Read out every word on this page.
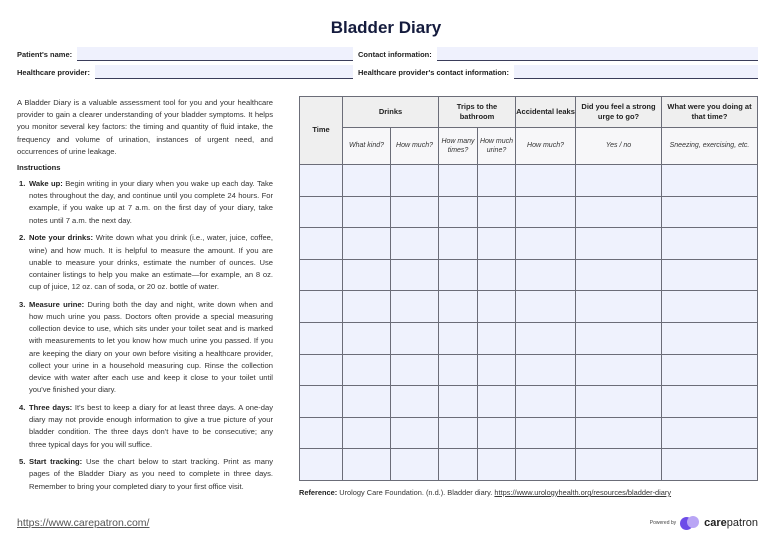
Bladder Diary
Patient's name:	Contact information:
Healthcare provider:	Healthcare provider's contact information:

A Bladder Diary is a valuable assessment tool for you and your healthcare provider to gain a clearer understanding of your bladder symptoms. It helps you monitor several key factors: the timing and quantity of fluid intake, the frequency and volume of urination, instances of urgent need, and occurrences of urine leakage.

Instructions
1. Wake up: Begin writing in your diary when you wake up each day. Take notes throughout the day, and continue until you complete 24 hours. For example, if you wake up at 7 a.m. on the first day of your diary, take notes until 7 a.m. the next day.
2. Note your drinks: Write down what you drink (i.e., water, juice, coffee, wine) and how much. It is helpful to measure the amount. If you are unable to measure your drinks, estimate the number of ounces. Use container listings to help you make an estimate—for example, an 8 oz. cup of juice, 12 oz. can of soda, or 20 oz. bottle of water.
3. Measure urine: During both the day and night, write down when and how much urine you pass. Doctors often provide a special measuring collection device to use, which sits under your toilet seat and is marked with measurements to let you know how much urine you passed. If you are keeping the diary on your own before visiting a healthcare provider, collect your urine in a household measuring cup. Rinse the collection device with water after each use and keep it close to your toilet until you've finished your diary.
4. Three days: It's best to keep a diary for at least three days. A one-day diary may not provide enough information to give a true picture of your bladder condition. The three days don't have to be consecutive; any three typical days for you will suffice.
5. Start tracking: Use the chart below to start tracking. Print as many pages of the Bladder Diary as you need to complete in three days. Remember to bring your completed diary to your first office visit.
https://www.carepatron.com/
Time	Drinks		Trips to the bathroom		Accidental leaks	Did you feel a strong urge to go?	What were you doing at that time?
	What kind?	How much?	How many times?	How much urine?	How much?	Yes / no	Sneezing, exercising, etc.

Reference: Urology Care Foundation. (n.d.). Bladder diary. https://www.urologyhealth.org/resources/bladder-diary
Powered by	carepatron
